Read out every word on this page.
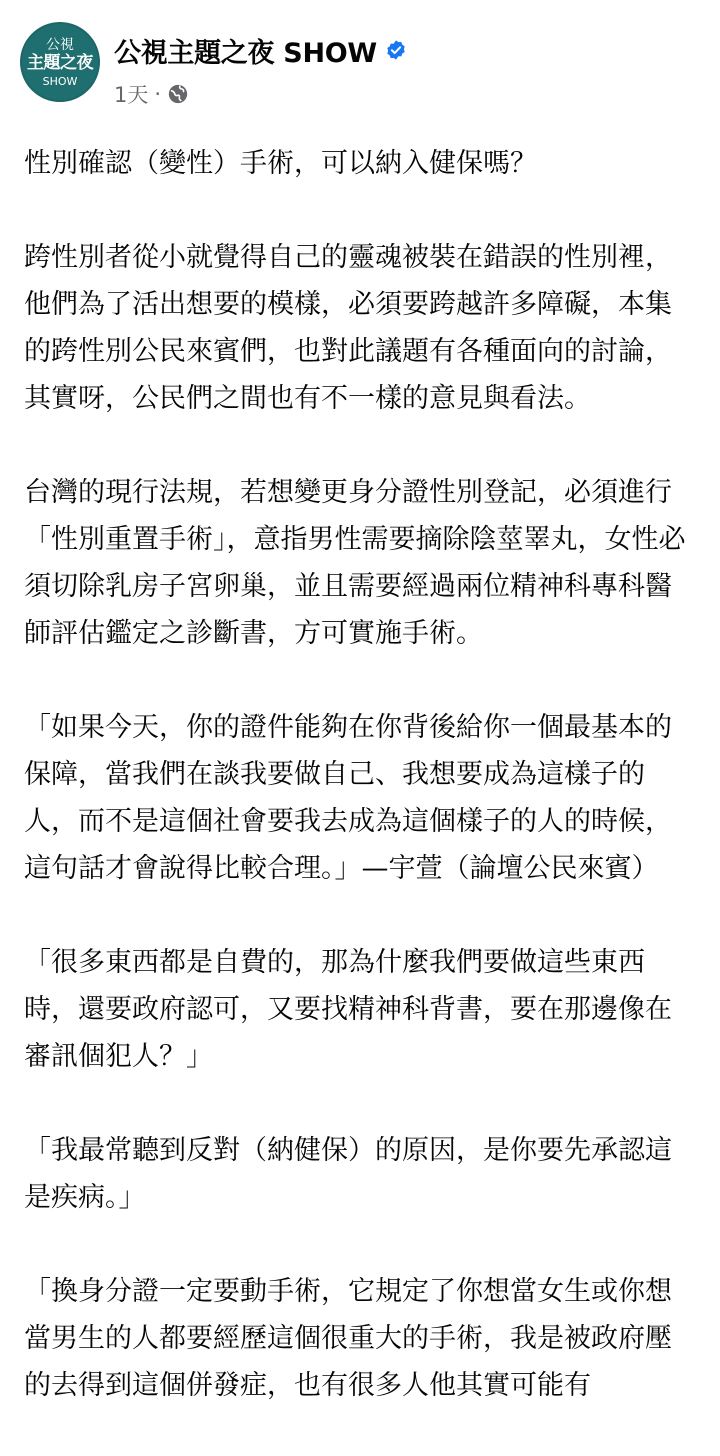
公視
主題之夜
SHOW
公視主題之夜 SHOW
1天 ·

性別確認（變性）手術，可以納入健保嗎？

跨性別者從小就覺得自己的靈魂被裝在錯誤的性別裡，他們為了活出想要的模樣，必須要跨越許多障礙，本集的跨性別公民來賓們，也對此議題有各種面向的討論，其實呀，公民們之間也有不一樣的意見與看法。

台灣的現行法規，若想變更身分證性別登記，必須進行「性別重置手術」，意指男性需要摘除陰莖睪丸，女性必須切除乳房子宮卵巢，並且需要經過兩位精神科專科醫師評估鑑定之診斷書，方可實施手術。

「如果今天，你的證件能夠在你背後給你一個最基本的保障，當我們在談我要做自己、我想要成為這樣子的人，而不是這個社會要我去成為這個樣子的人的時候，這句話才會說得比較合理。」—宇萱（論壇公民來賓）

「很多東西都是自費的，那為什麼我們要做這些東西時，還要政府認可，又要找精神科背書，要在那邊像在審訊個犯人？」

「我最常聽到反對（納健保）的原因，是你要先承認這是疾病。」

「換身分證一定要動手術，它規定了你想當女生或你想當男生的人都要經歷這個很重大的手術，我是被政府壓的去得到這個併發症，也有很多人他其實可能有
